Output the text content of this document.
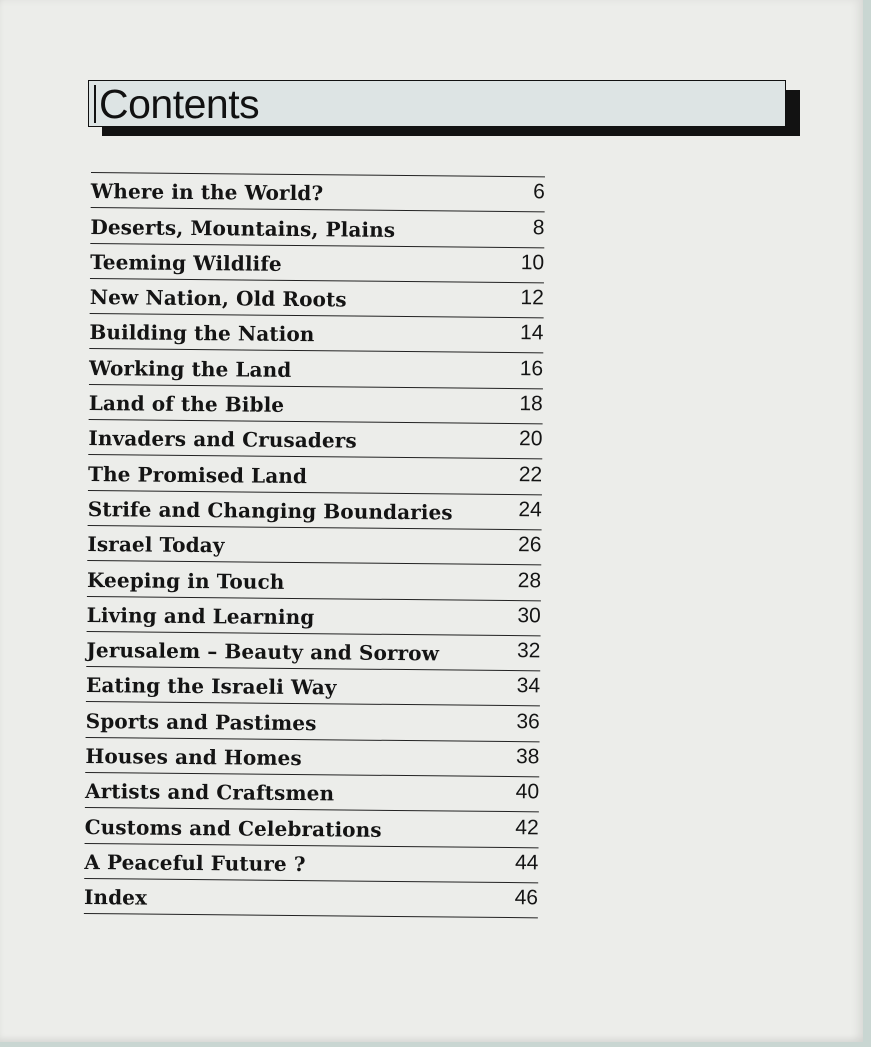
Contents
Where in the World?	6
Deserts, Mountains, Plains	8
Teeming Wildlife	10
New Nation, Old Roots	12
Building the Nation	14
Working the Land	16
Land of the Bible	18
Invaders and Crusaders	20
The Promised Land	22
Strife and Changing Boundaries	24
Israel Today	26
Keeping in Touch	28
Living and Learning	30
Jerusalem – Beauty and Sorrow	32
Eating the Israeli Way	34
Sports and Pastimes	36
Houses and Homes	38
Artists and Craftsmen	40
Customs and Celebrations	42
A Peaceful Future ?	44
Index	46
